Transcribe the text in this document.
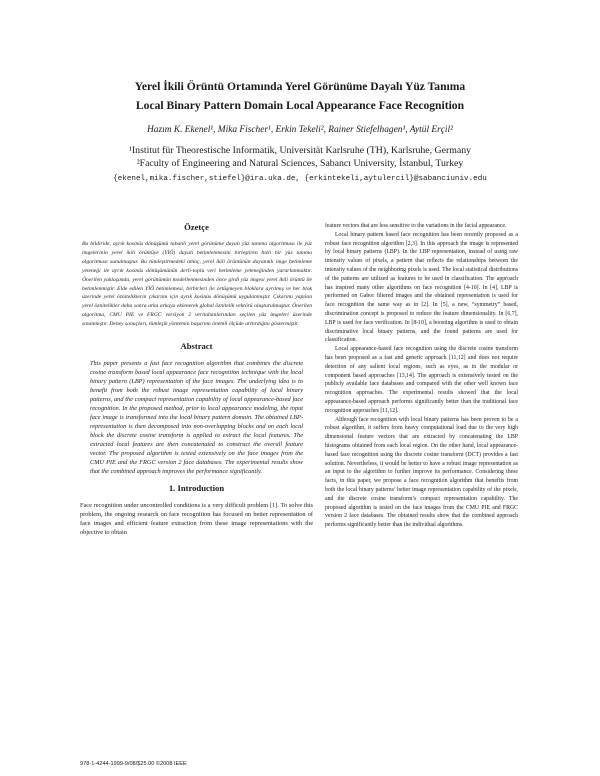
Yerel İkili Örüntü Ortamında Yerel Görünüme Dayalı Yüz Tanıma
Local Binary Pattern Domain Local Appearance Face Recognition
Hazım K. Ekenel¹, Mika Fischer¹, Erkin Tekeli², Rainer Stiefelhagen¹, Aytül Erçil²
¹Institut für Theorestische Informatik, Universität Karlsruhe (TH), Karlsruhe, Germany
²Faculty of Engineering and Natural Sciences, Sabancı University, İstanbul, Turkey
{ekenel,mika.fischer,stiefel}@ira.uka.de, {erkintekeli,aytulercil}@sabanciuniv.edu
Özetçe
Bu bildiride, ayrık kosinüs dönüşümü tabanlı yerel görünüme dayalı yüz tanıma algoritması ile yüz imgelerinin yerel ikili örüntüye (YİÖ) dayalı betimlenmesini birleştiren hızlı bir yüz tanıma algoritması sunulmuştur. Bu tümleştirmedeki amaç, yerel ikili örüntünün dayanıklı imge betimleme yeteneği ile ayrık kosinüs dönüşümünün derli-toplu veri betimleme yeteneğinden yararlanmaktır. Önerilen yaklaşımda, yerel görünümün modellenmesinden önce girdi yüz imgesi yerel ikili örüntü ile betimlenmiştir. Elde edilen YİÖ betimlemesi, birbirleri ile örtüşmeyen bloklara ayrılmış ve her blok üzerinde yerel özniteliklerin çıkarımı için ayrık kosinüs dönüşümü uygulanmıştır. Çıkarımı yapılan yerel öznitelikler daha sonra arka arkaya eklenerek global öznitelik vektörü oluşturulmuştur. Önerilen algoritma, CMU PIE ve FRGC versiyon 2 veritabanlarından seçilen yüz imgeleri üzerinde sınanmıştır. Deney sonuçları, tümleşik yöntemin başarımı önemli ölçüde arttırdığını göstermiştir.
Abstract
This paper presents a fast face recognition algorithm that combines the discrete cosine transform based local appearance face recognition technique with the local binary pattern (LBP) representation of the face images. The underlying idea is to benefit from both the robust image representation capability of local binary patterns, and the compact representation capability of local appearance-based face recognition. In the proposed method, prior to local appearance modeling, the input face image is transformed into the local binary pattern domain. The obtained LBP-representation is then decomposed into non-overlapping blocks and on each local block the discrete cosine transform is applied to extract the local features. The extracted local features are then concatenated to construct the overall feature vector. The proposed algorithm is tested extensively on the face images from the CMU PIE and the FRGC version 2 face databases. The experimental results show that the combined approach improves the performance significantly.
1. Introduction
Face recognition under uncontrolled conditions is a very difficult problem [1]. To solve this problem, the ongoing research on face recognition has focused on better representation of face images and efficient feature extraction from these image representations with the objective to obtain

feature vectors that are less sensitive to the variations in the facial appearance.

Local binary pattern based face recognition has been recently proposed as a robust face recognition algorithm [2,3]. In this approach the image is represented by local binary patterns (LBP). In the LBP representation, instead of using raw intensity values of pixels, a pattern that reflects the relationships between the intensity values of the neighboring pixels is used. The local statistical distributions of the patterns are utilized as features to be used in classification. The approach has inspired many other algorithms on face recognition [4-10]. In [4], LBP is performed on Gabor filtered images and the obtained representation is used for face recognition the same way as in [2]. In [5], a new, “symmetry” based, discrimination concept is proposed to reduce the feature dimensionality. In [6,7], LBP is used for face verification. In [8-10], a boosting algorithm is used to obtain discriminative local binary patterns, and the found patterns are used for classification.

Local appearance-based face recognition using the discrete cosine transform has been proposed as a fast and generic approach [11,12] and does not require detection of any salient local regions, such as eyes, as in the modular or component based approaches [13,14]. The approach is extensively tested on the publicly available face databases and compared with the other well known face recognition approaches. The experimental results showed that the local appearance-based approach performs significantly better than the traditional face recognition approaches [11,12].

Although face recognition with local binary patterns has been proven to be a robust algorithm, it suffers from heavy computational load due to the very high dimensional feature vectors that are extracted by concatenating the LBP histograms obtained from each local region. On the other hand, local appearance-based face recognition using the discrete cosine transform (DCT) provides a fast solution. Nevertheless, it would be better to have a robust image representation as an input to the algorithm to further improve its performance. Considering these facts, in this paper, we propose a face recognition algorithm that benefits from both the local binary patterns’ better image representation capability of the pixels, and the discrete cosine transform’s compact representation capability. The proposed algorithm is tested on the face images from the CMU PIE and FRGC version 2 face databases. The obtained results show that the combined approach performs significantly better than the individual algorithms.

978-1-4244-1999-9/08/$25.00 ©2008 IEEE
